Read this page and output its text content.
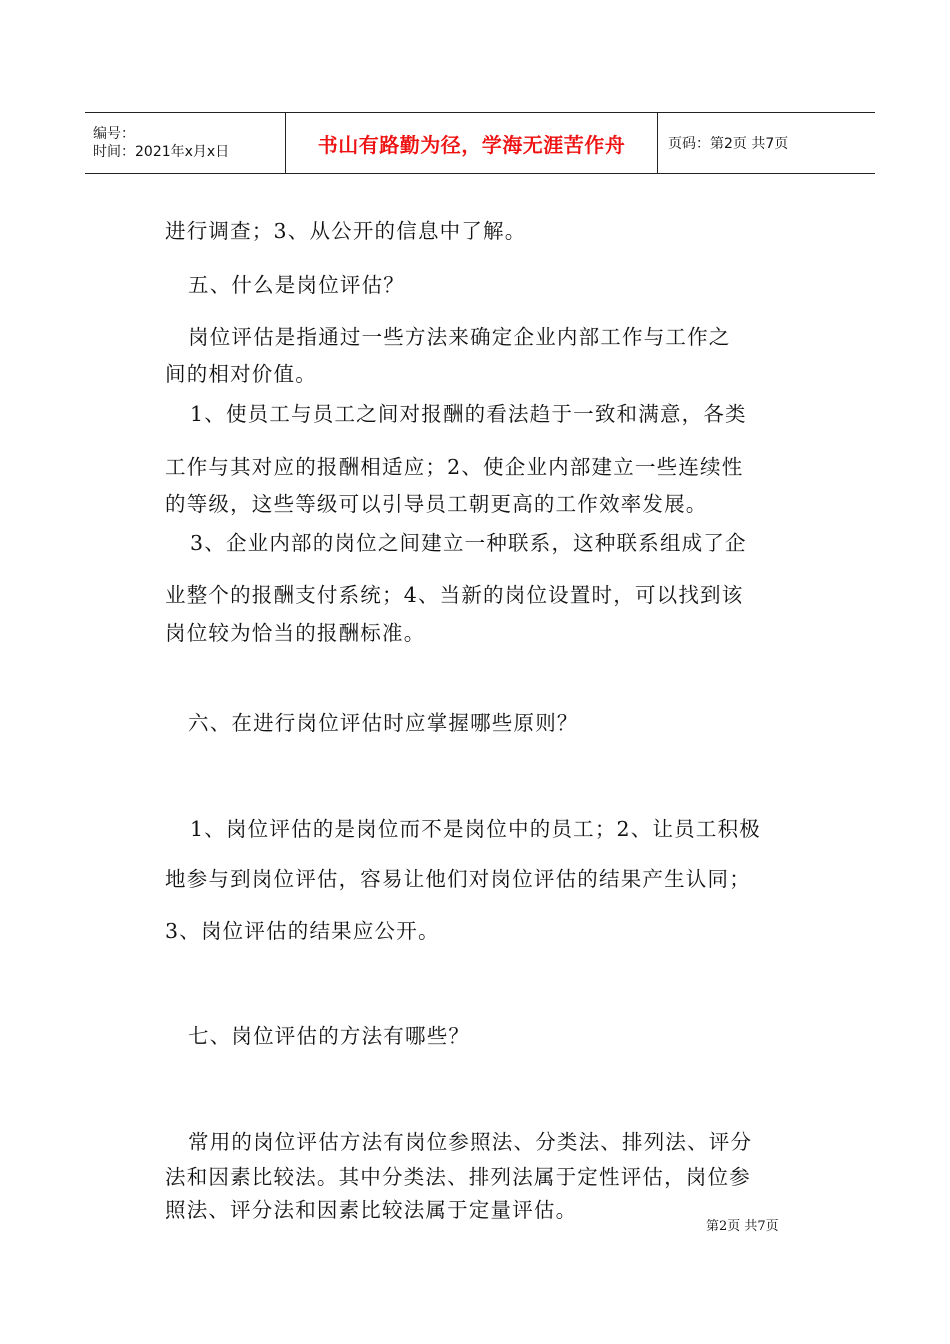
编号：
时间：2021年x月x日	书山有路勤为径，学海无涯苦作舟	页码：第2页 共7页
进行调查；3、从公开的信息中了解。
五、什么是岗位评估？
岗位评估是指通过一些方法来确定企业内部工作与工作之
间的相对价值。
1、使员工与员工之间对报酬的看法趋于一致和满意，各类
工作与其对应的报酬相适应；2、使企业内部建立一些连续性
的等级，这些等级可以引导员工朝更高的工作效率发展。
3、企业内部的岗位之间建立一种联系，这种联系组成了企
业整个的报酬支付系统；4、当新的岗位设置时，可以找到该
岗位较为恰当的报酬标准。
六、在进行岗位评估时应掌握哪些原则？
1、岗位评估的是岗位而不是岗位中的员工；2、让员工积极
地参与到岗位评估，容易让他们对岗位评估的结果产生认同；
3、岗位评估的结果应公开。
七、岗位评估的方法有哪些？
常用的岗位评估方法有岗位参照法、分类法、排列法、评分
法和因素比较法。其中分类法、排列法属于定性评估，岗位参
照法、评分法和因素比较法属于定量评估。
第2页 共7页
